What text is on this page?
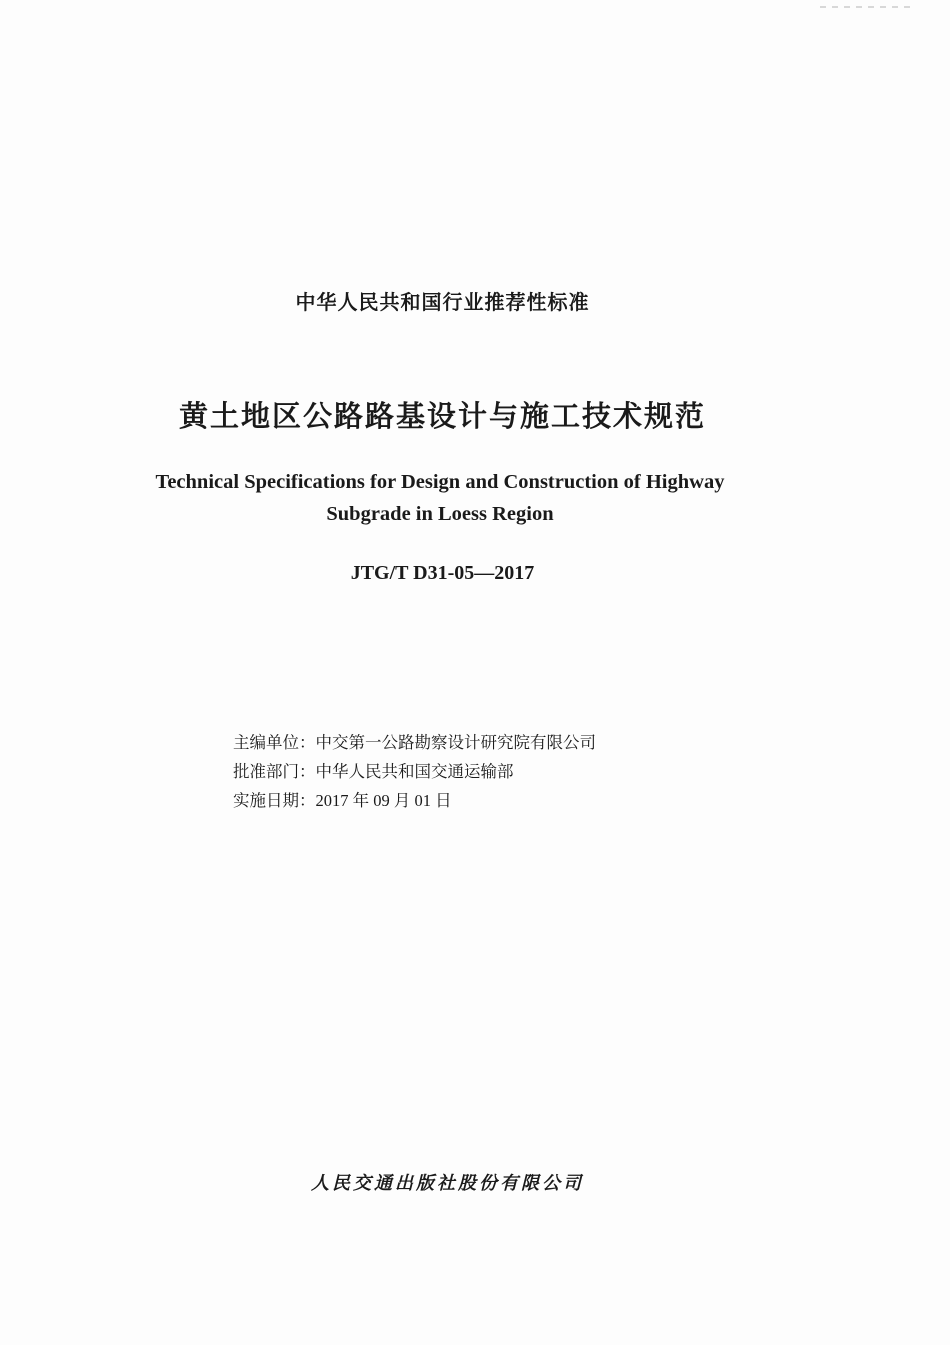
中华人民共和国行业推荐性标准
黄土地区公路路基设计与施工技术规范
Technical Specifications for Design and Construction of Highway
Subgrade in Loess Region
JTG/T D31-05—2017
主编单位：中交第一公路勘察设计研究院有限公司
批准部门：中华人民共和国交通运输部
实施日期：2017 年 09 月 01 日
人民交通出版社股份有限公司
